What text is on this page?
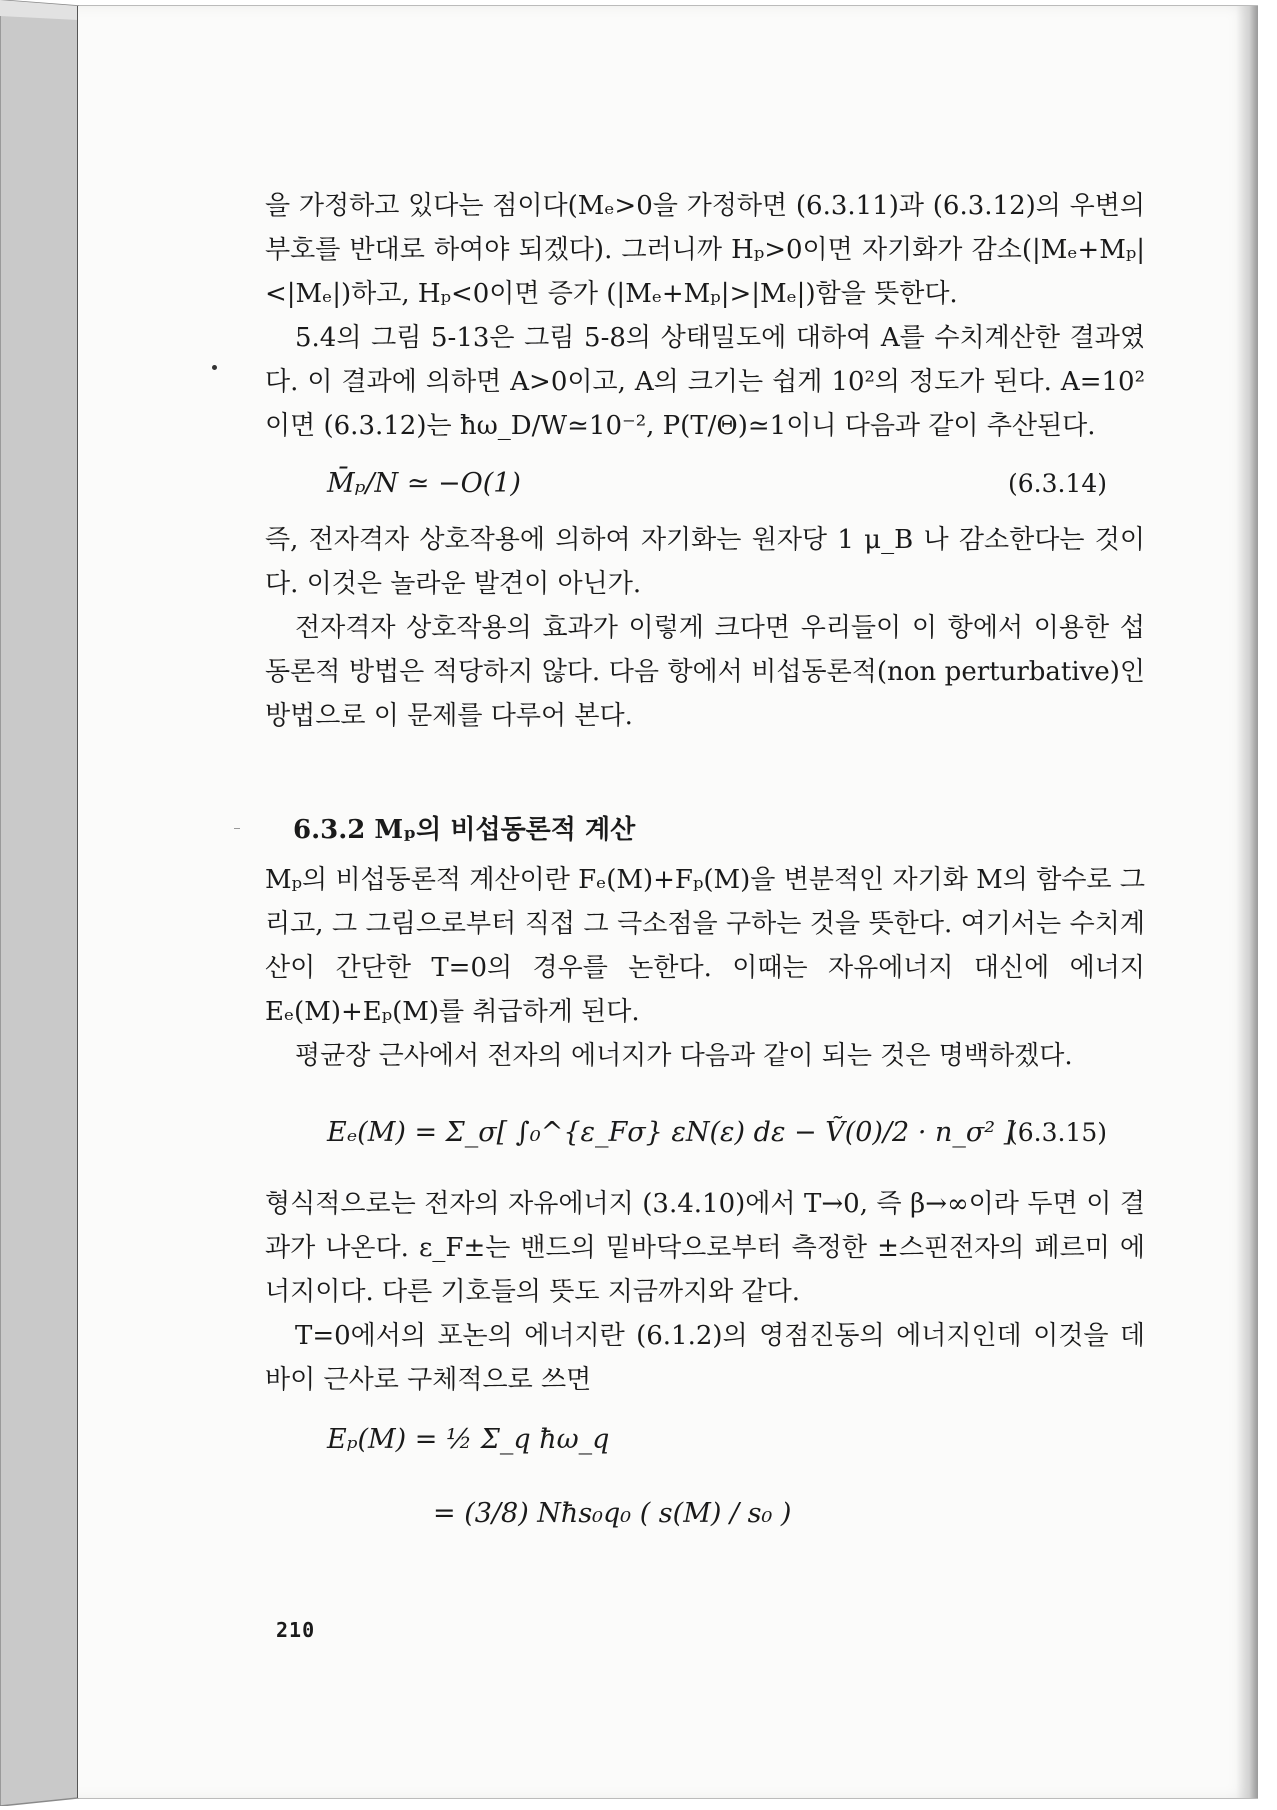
을 가정하고 있다는 점이다(Mₑ>0을 가정하면 (6.3.11)과 (6.3.12)의 우변의 부호를 반대로 하여야 되겠다). 그러니까 Hₚ>0이면 자기화가 감소(|Mₑ+Mₚ|<|Mₑ|)하고, Hₚ<0이면 증가 (|Mₑ+Mₚ|>|Mₑ|)함을 뜻한다.

5.4의 그림 5-13은 그림 5-8의 상태밀도에 대하여 A를 수치계산한 결과였다. 이 결과에 의하면 A>0이고, A의 크기는 쉽게 10²의 정도가 된다. A=10²이면 (6.3.12)는 ħω_D/W≃10⁻², P(T/Θ)≃1이니 다음과 같이 추산된다.

M̄ₚ/N ≃ −O(1)	(6.3.14)

즉, 전자격자 상호작용에 의하여 자기화는 원자당 1 μ_B 나 감소한다는 것이다. 이것은 놀라운 발견이 아닌가.

전자격자 상호작용의 효과가 이렇게 크다면 우리들이 이 항에서 이용한 섭동론적 방법은 적당하지 않다. 다음 항에서 비섭동론적(non perturbative)인 방법으로 이 문제를 다루어 본다.

6.3.2 Mₚ의 비섭동론적 계산

Mₚ의 비섭동론적 계산이란 Fₑ(M)+Fₚ(M)을 변분적인 자기화 M의 함수로 그리고, 그 그림으로부터 직접 그 극소점을 구하는 것을 뜻한다. 여기서는 수치계산이 간단한 T=0의 경우를 논한다. 이때는 자유에너지 대신에 에너지 Eₑ(M)+Eₚ(M)를 취급하게 된다.

평균장 근사에서 전자의 에너지가 다음과 같이 되는 것은 명백하겠다.

Eₑ(M) = Σ_σ[ ∫₀^{ε_Fσ} εN(ε) dε − Ṽ(0)/2 · n_σ² ]
(6.3.15)

형식적으로는 전자의 자유에너지 (3.4.10)에서 T→0, 즉 β→∞이라 두면 이 결과가 나온다. ε_F±는 밴드의 밑바닥으로부터 측정한 ±스핀전자의 페르미 에너지이다. 다른 기호들의 뜻도 지금까지와 같다.

T=0에서의 포논의 에너지란 (6.1.2)의 영점진동의 에너지인데 이것을 데바이 근사로 구체적으로 쓰면

Eₚ(M) = ½ Σ_q ħω_q
= (3/8) Nħs₀q₀ ( s(M) / s₀ )
210
